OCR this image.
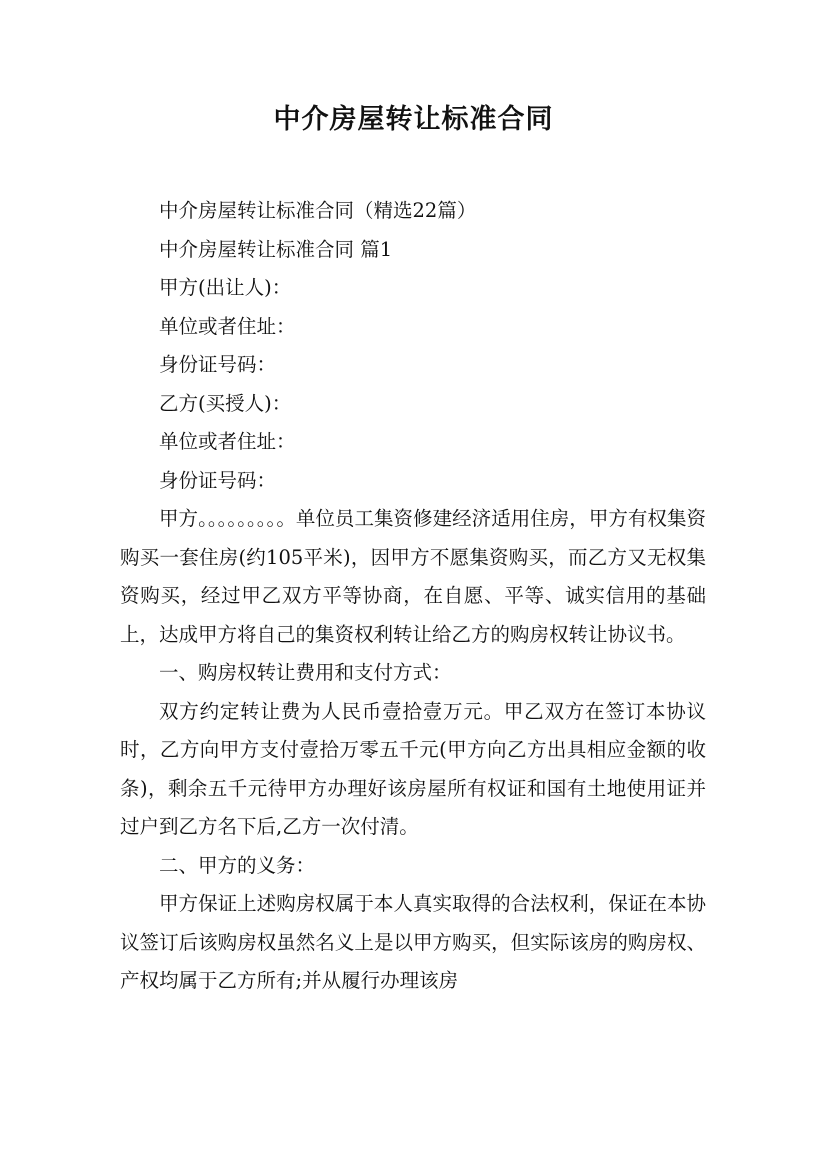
中介房屋转让标准合同

中介房屋转让标准合同（精选22篇）

中介房屋转让标准合同 篇1

甲方(出让人)：

单位或者住址：

身份证号码：

乙方(买授人)：

单位或者住址：

身份证号码：

甲方。。。。。。。。。单位员工集资修建经济适用住房，甲方有权集资购买一套住房(约105平米)，因甲方不愿集资购买，而乙方又无权集资购买，经过甲乙双方平等协商，在自愿、平等、诚实信用的基础上，达成甲方将自己的集资权利转让给乙方的购房权转让协议书。

一、购房权转让费用和支付方式：

双方约定转让费为人民币壹拾壹万元。甲乙双方在签订本协议时，乙方向甲方支付壹拾万零五千元(甲方向乙方出具相应金额的收条)，剩余五千元待甲方办理好该房屋所有权证和国有土地使用证并过户到乙方名下后,乙方一次付清。

二、甲方的义务：

甲方保证上述购房权属于本人真实取得的合法权利，保证在本协议签订后该购房权虽然名义上是以甲方购买，但实际该房的购房权、产权均属于乙方所有;并从履行办理该房
